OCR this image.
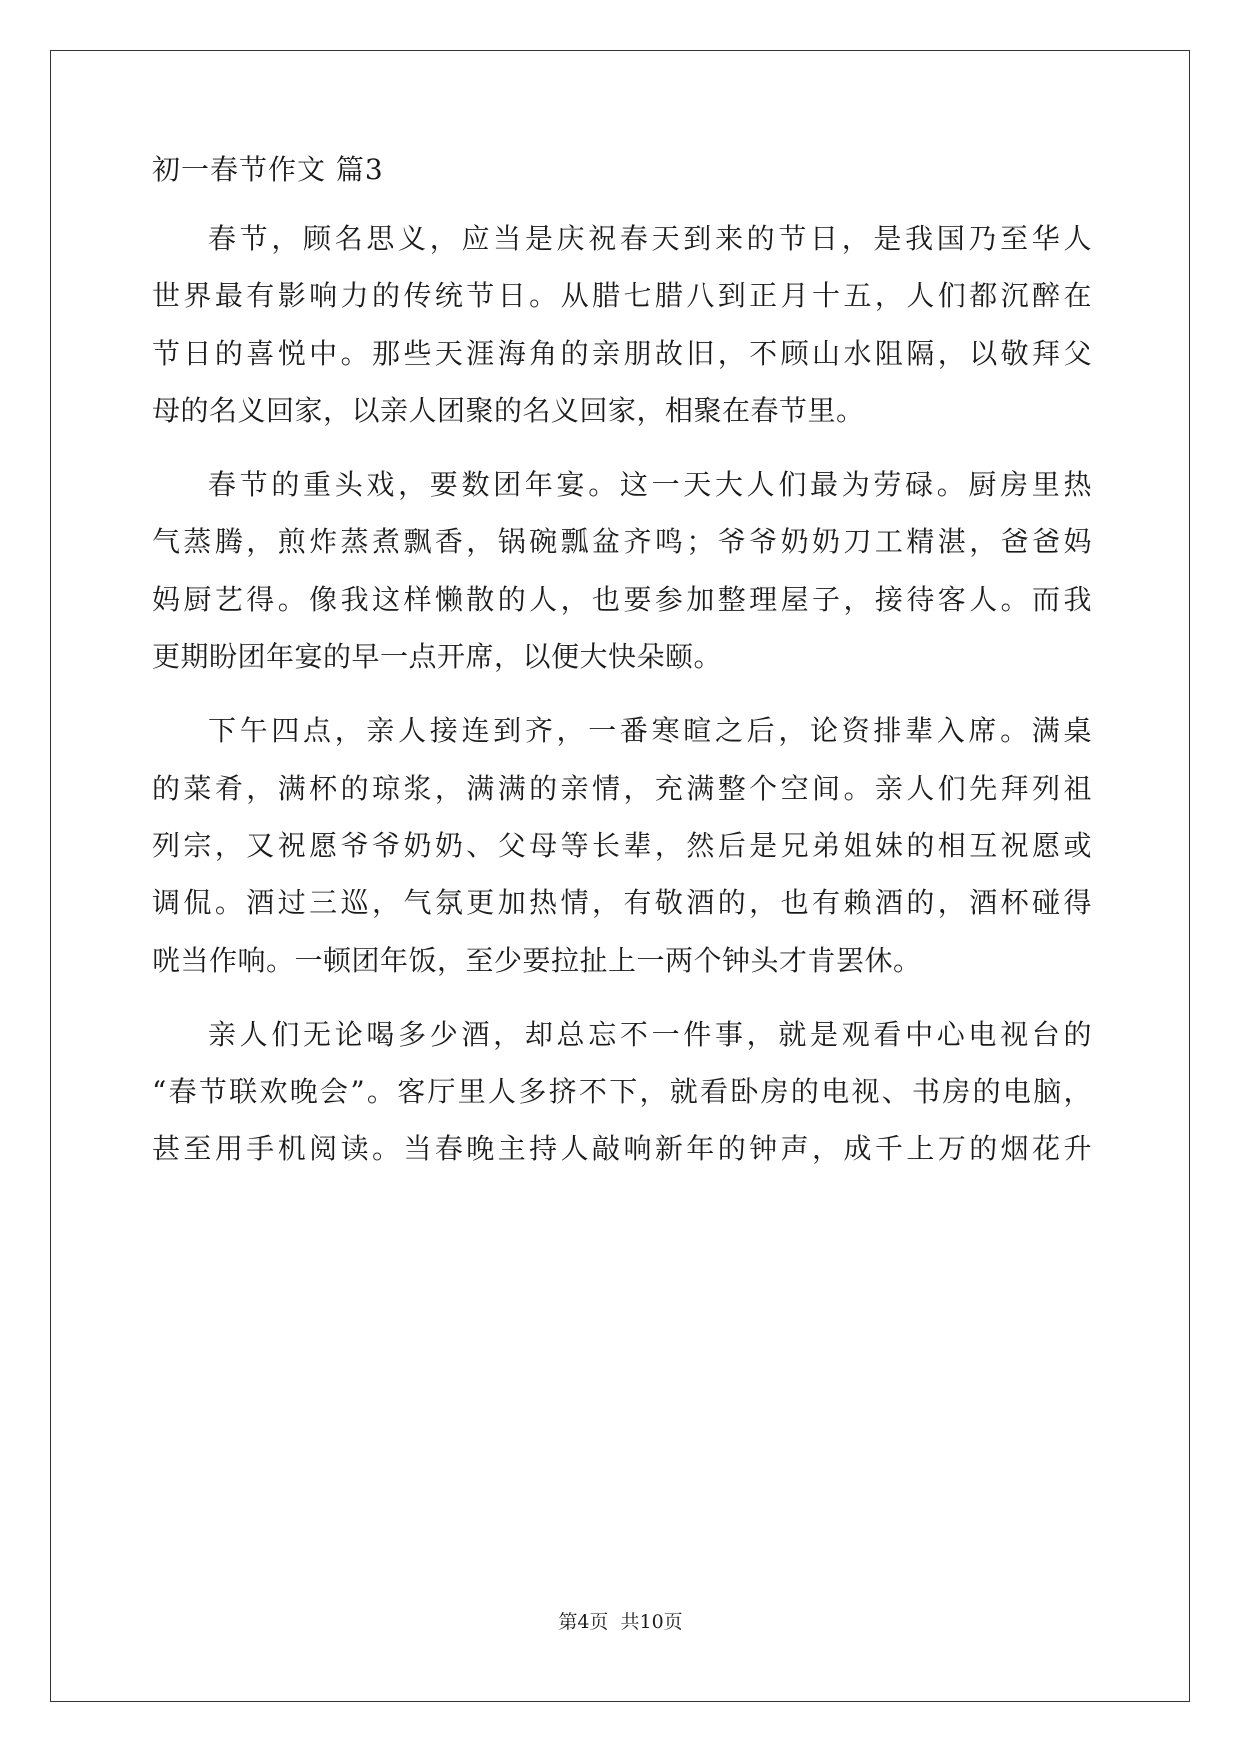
初一春节作文 篇3
春节，顾名思义，应当是庆祝春天到来的节日，是我国乃至华人
世界最有影响力的传统节日。从腊七腊八到正月十五，人们都沉醉在
节日的喜悦中。那些天涯海角的亲朋故旧，不顾山水阻隔，以敬拜父
母的名义回家，以亲人团聚的名义回家，相聚在春节里。
春节的重头戏，要数团年宴。这一天大人们最为劳碌。厨房里热
气蒸腾，煎炸蒸煮飘香，锅碗瓢盆齐鸣；爷爷奶奶刀工精湛，爸爸妈
妈厨艺得。像我这样懒散的人，也要参加整理屋子，接待客人。而我
更期盼团年宴的早一点开席，以便大快朵颐。
下午四点，亲人接连到齐，一番寒暄之后，论资排辈入席。满桌
的菜肴，满杯的琼浆，满满的亲情，充满整个空间。亲人们先拜列祖
列宗，又祝愿爷爷奶奶、父母等长辈，然后是兄弟姐妹的相互祝愿或
调侃。酒过三巡，气氛更加热情，有敬酒的，也有赖酒的，酒杯碰得
咣当作响。一顿团年饭，至少要拉扯上一两个钟头才肯罢休。
亲人们无论喝多少酒，却总忘不一件事，就是观看中心电视台的
“春节联欢晚会”。客厅里人多挤不下，就看卧房的电视、书房的电脑，
甚至用手机阅读。当春晚主持人敲响新年的钟声，成千上万的烟花升
第4页  共10页
